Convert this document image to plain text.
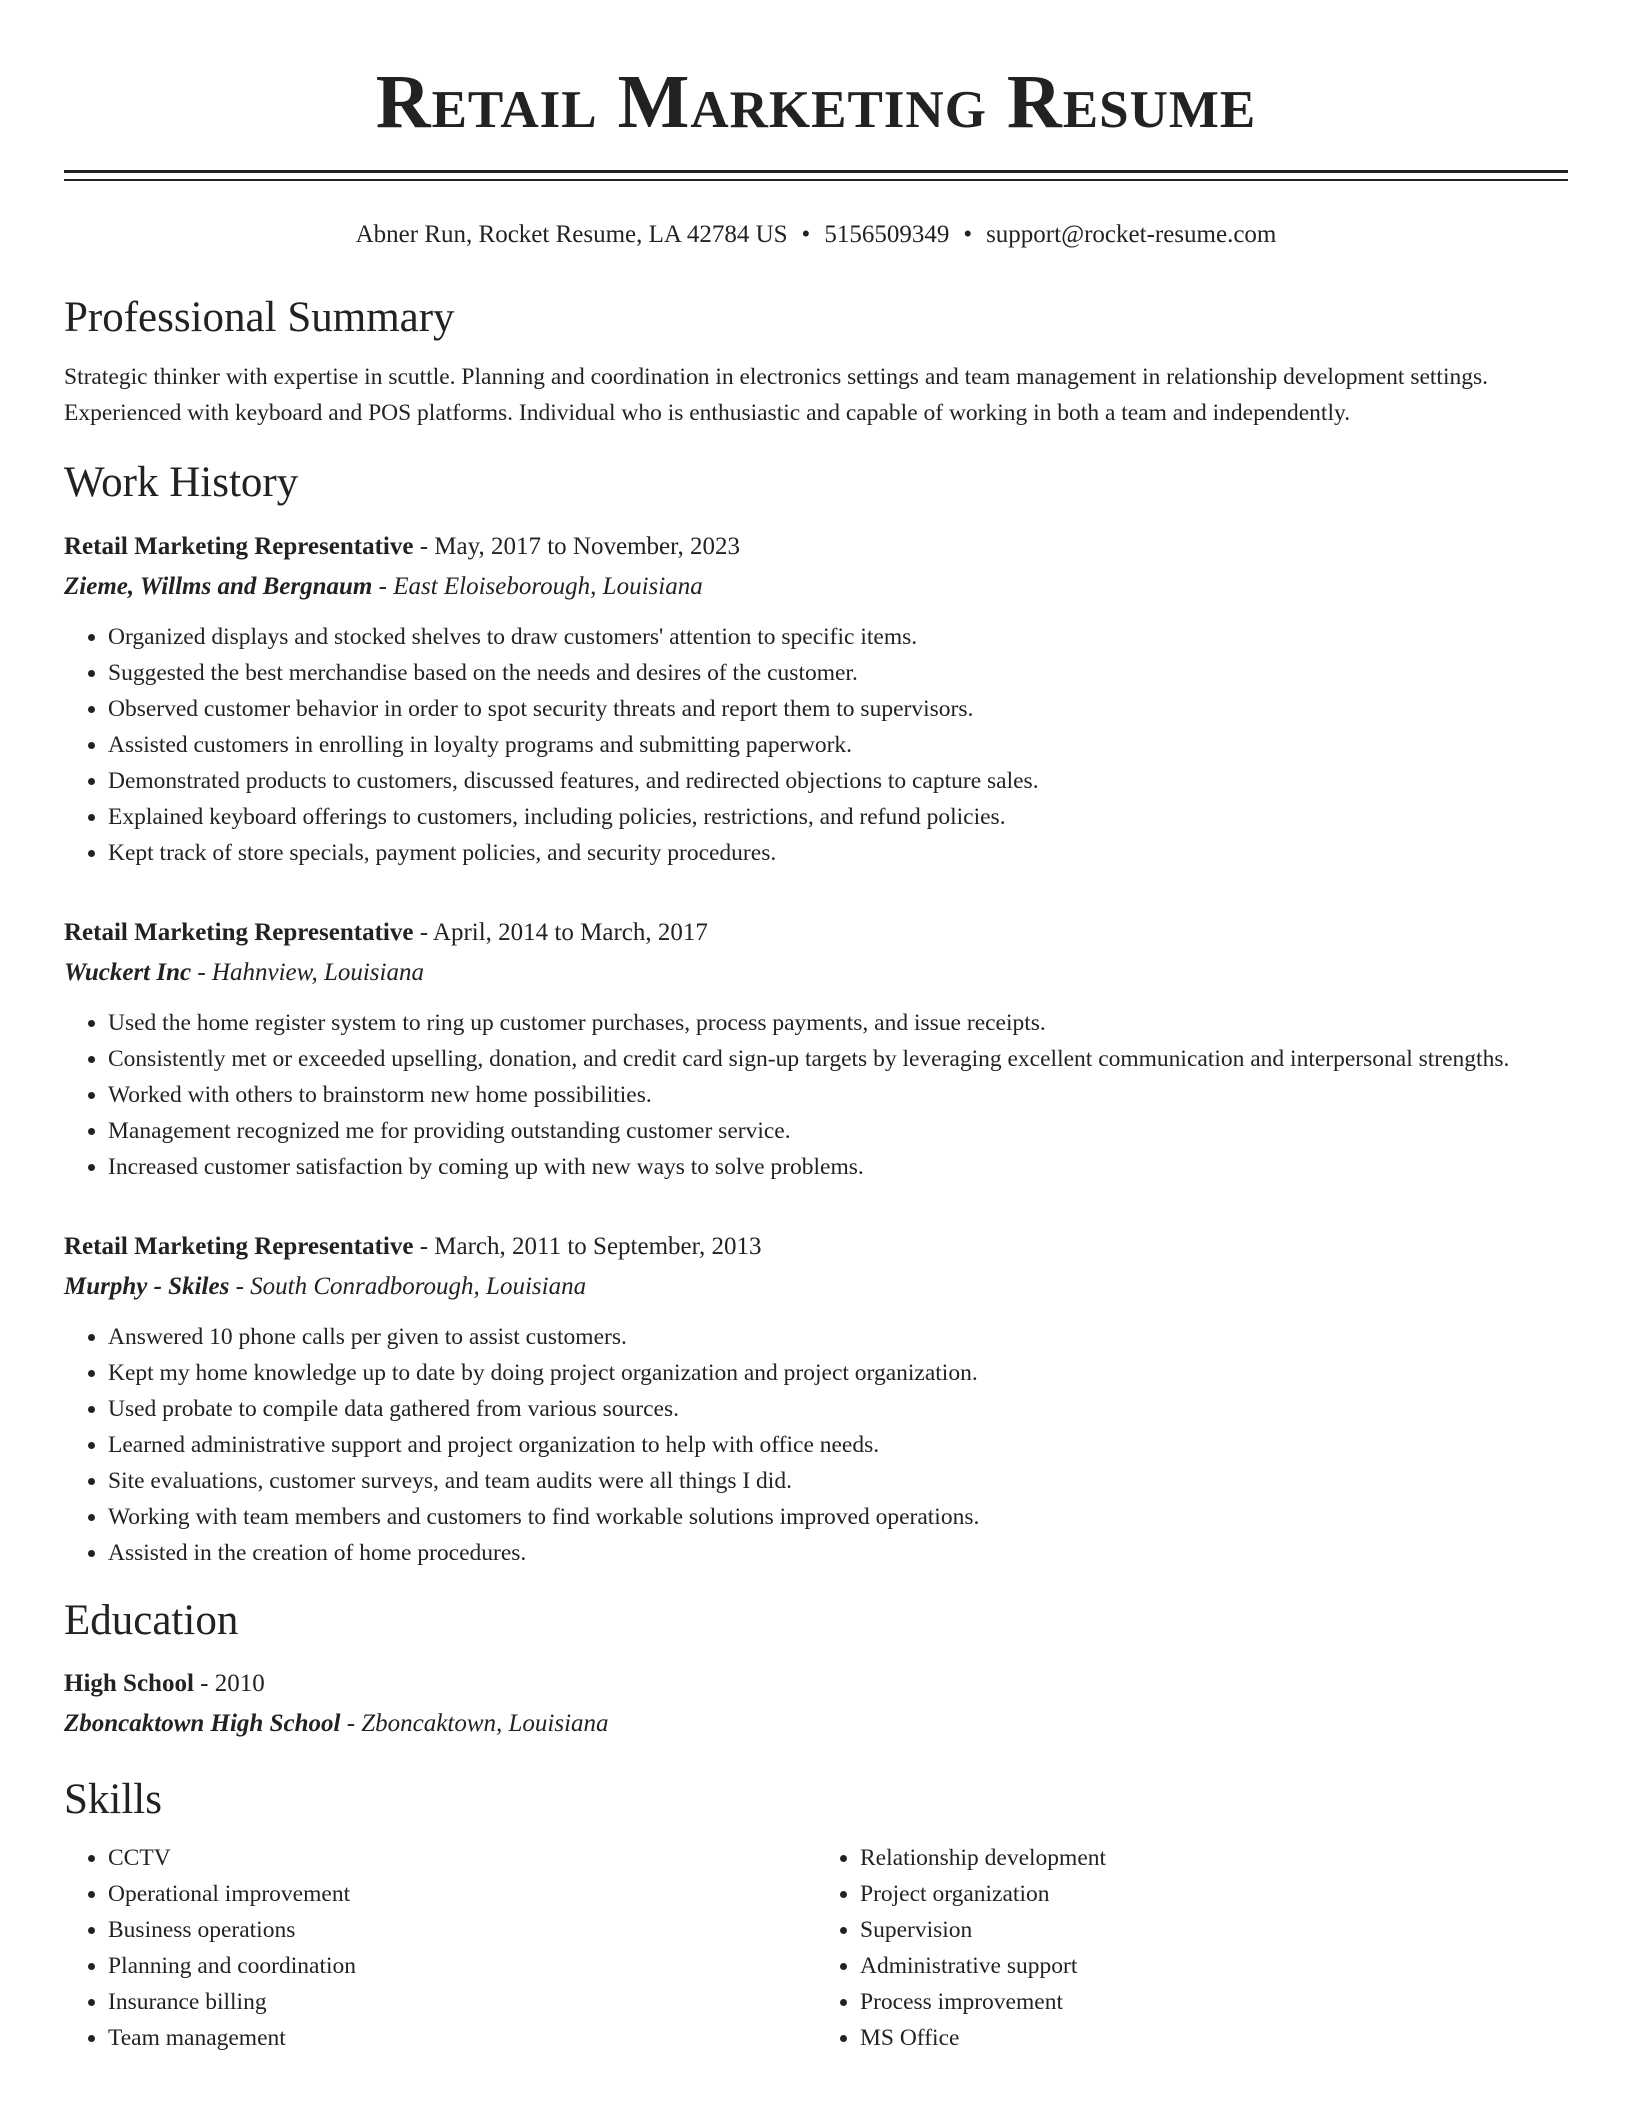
Retail Marketing Resume
Abner Run, Rocket Resume, LA 42784 US • 5156509349 • support@rocket-resume.com
Professional Summary

Strategic thinker with expertise in scuttle. Planning and coordination in electronics settings and team management in relationship development settings. Experienced with keyboard and POS platforms. Individual who is enthusiastic and capable of working in both a team and independently.

Work History
Retail Marketing Representative - May, 2017 to November, 2023
Zieme, Willms and Bergnaum - East Eloiseborough, Louisiana
• Organized displays and stocked shelves to draw customers' attention to specific items.
• Suggested the best merchandise based on the needs and desires of the customer.
• Observed customer behavior in order to spot security threats and report them to supervisors.
• Assisted customers in enrolling in loyalty programs and submitting paperwork.
• Demonstrated products to customers, discussed features, and redirected objections to capture sales.
• Explained keyboard offerings to customers, including policies, restrictions, and refund policies.
• Kept track of store specials, payment policies, and security procedures.
Retail Marketing Representative - April, 2014 to March, 2017
Wuckert Inc - Hahnview, Louisiana
• Used the home register system to ring up customer purchases, process payments, and issue receipts.
• Consistently met or exceeded upselling, donation, and credit card sign-up targets by leveraging excellent communication and interpersonal strengths.
• Worked with others to brainstorm new home possibilities.
• Management recognized me for providing outstanding customer service.
• Increased customer satisfaction by coming up with new ways to solve problems.
Retail Marketing Representative - March, 2011 to September, 2013
Murphy - Skiles - South Conradborough, Louisiana
• Answered 10 phone calls per given to assist customers.
• Kept my home knowledge up to date by doing project organization and project organization.
• Used probate to compile data gathered from various sources.
• Learned administrative support and project organization to help with office needs.
• Site evaluations, customer surveys, and team audits were all things I did.
• Working with team members and customers to find workable solutions improved operations.
• Assisted in the creation of home procedures.
Education
High School - 2010
Zboncaktown High School - Zboncaktown, Louisiana
Skills
• CCTV
• Operational improvement
• Business operations
• Planning and coordination
• Insurance billing
• Team management
• Relationship development
• Project organization
• Supervision
• Administrative support
• Process improvement
• MS Office
